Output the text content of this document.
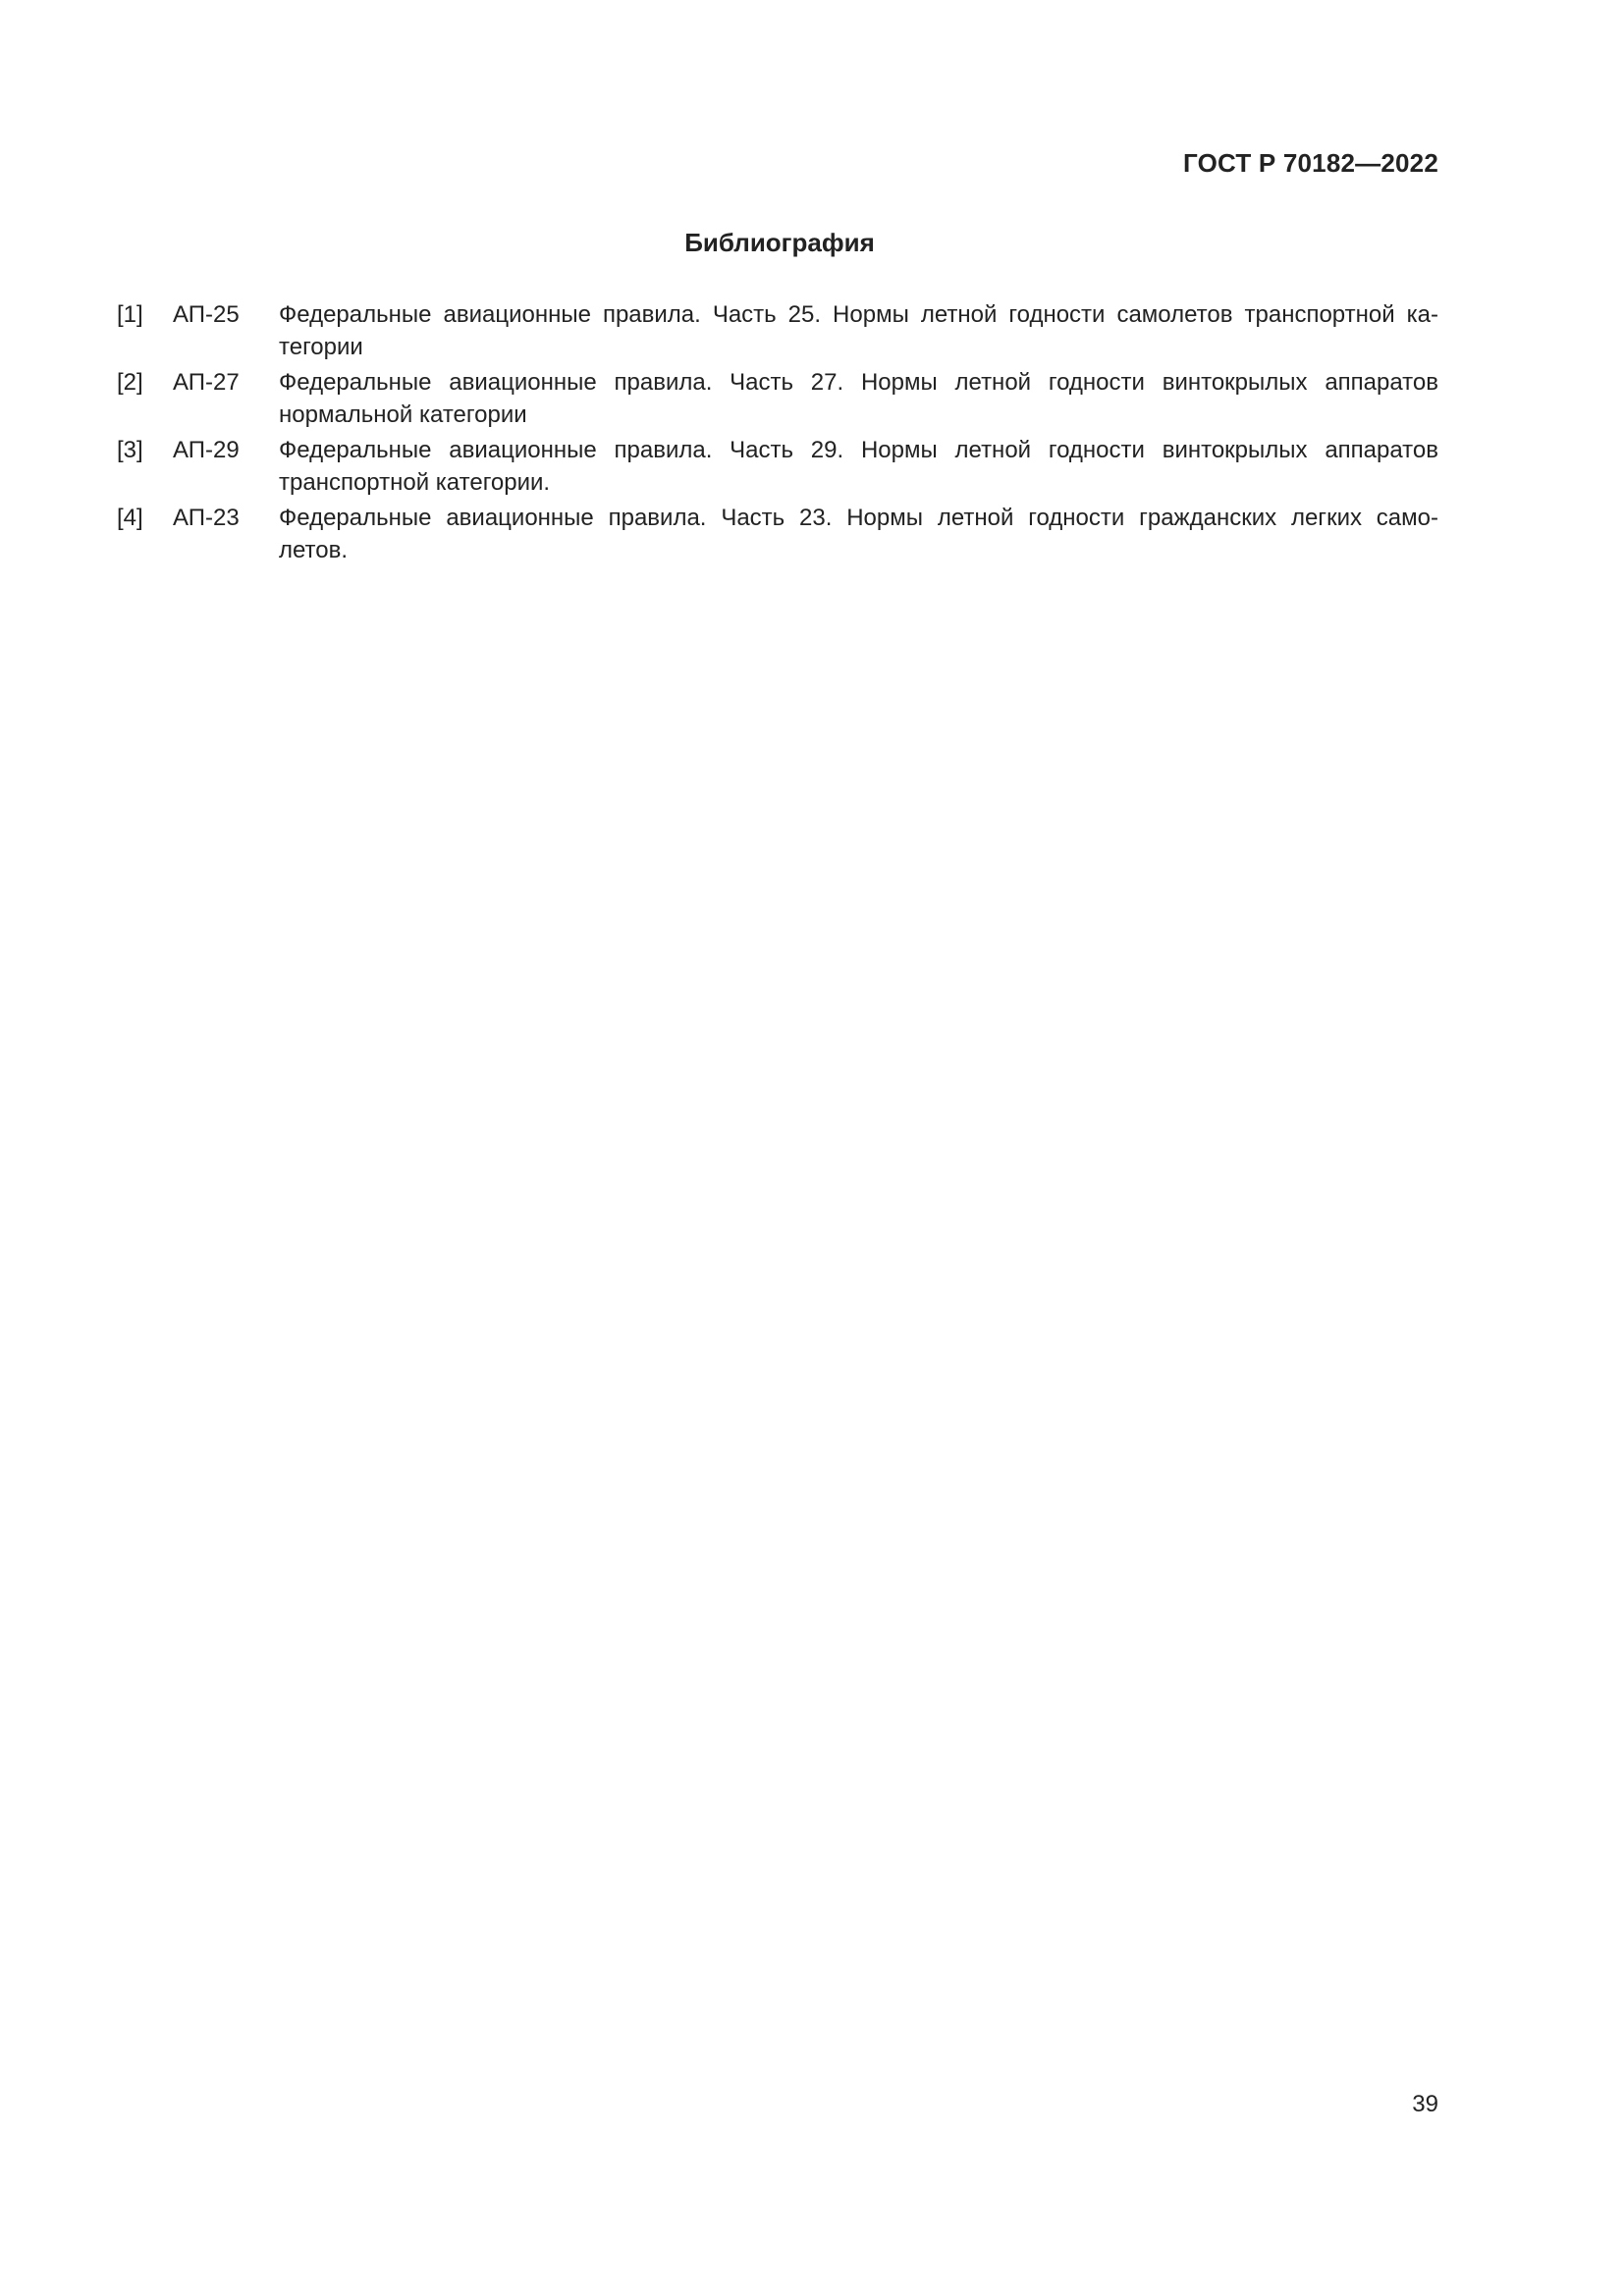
ГОСТ Р 70182—2022
Библиография
[1] АП-25 Федеральные авиационные правила. Часть 25. Нормы летной годности самолетов транспортной ка-
тегории
[2] АП-27 Федеральные авиационные правила. Часть 27. Нормы летной годности винтокрылых аппаратов
нормальной категории
[3] АП-29 Федеральные авиационные правила. Часть 29. Нормы летной годности винтокрылых аппаратов
транспортной категории.
[4] АП-23 Федеральные авиационные правила. Часть 23. Нормы летной годности гражданских легких само-
летов.
39
